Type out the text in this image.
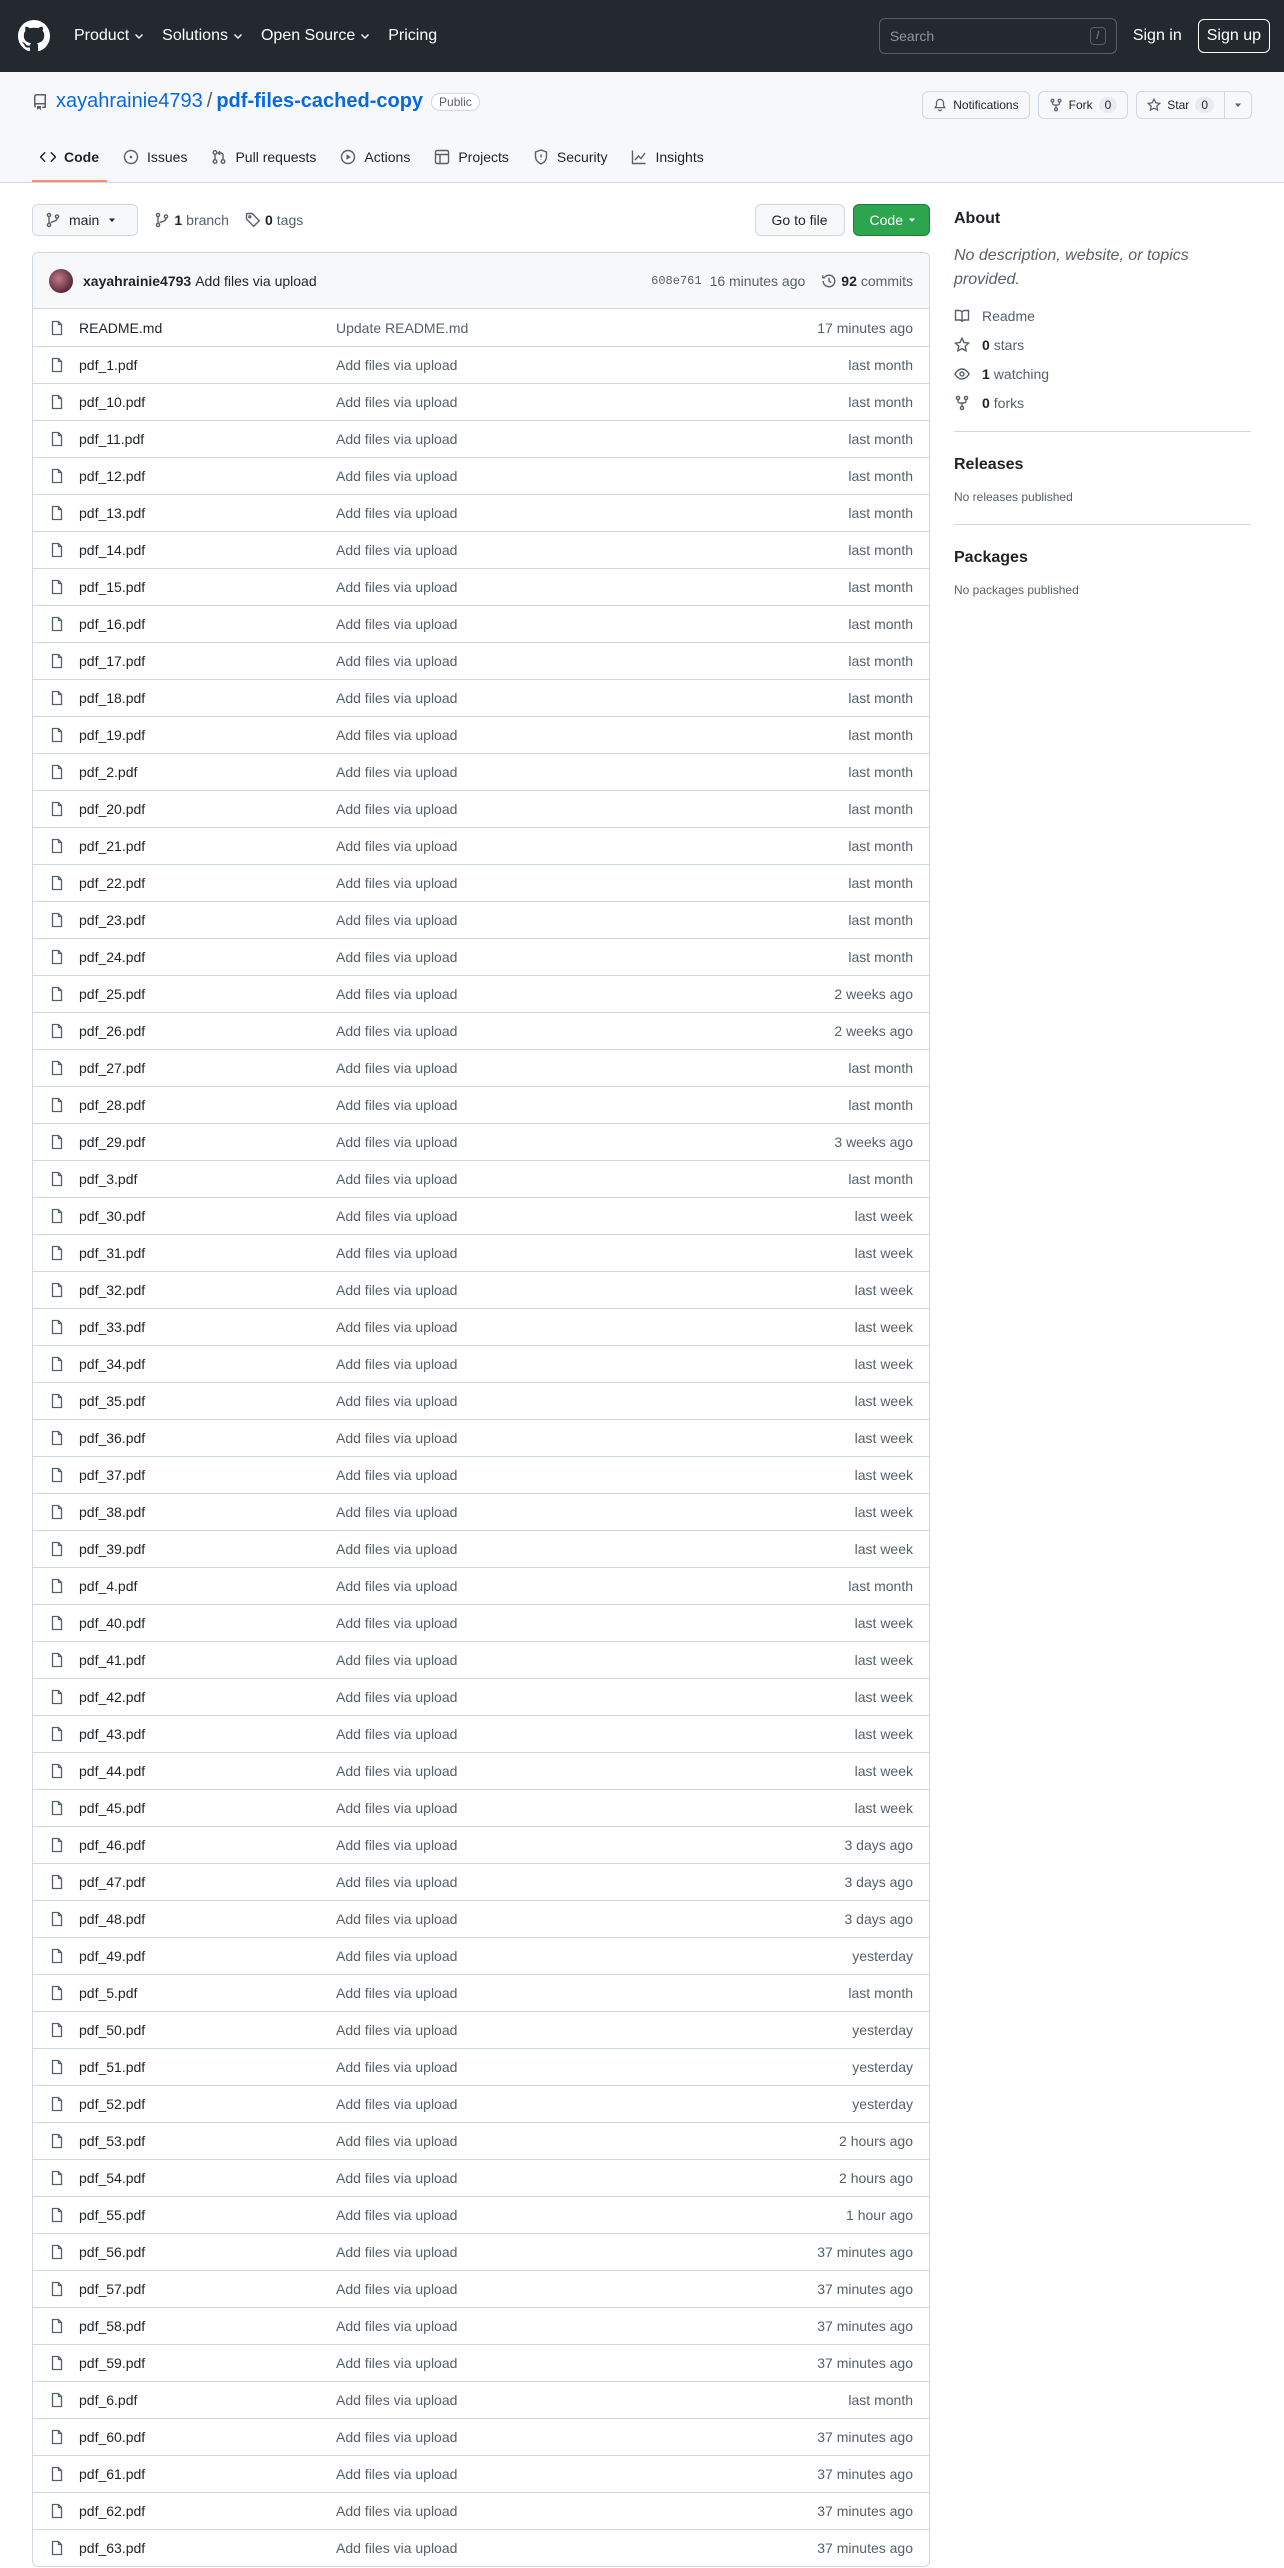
Product Solutions Open Source Pricing	Search	/	Sign in	Sign up
xayahrainie4793 / pdf-files-cached-copy	Public
Code	Issues	Pull requests	Actions	Projects	Security	Insights
Notifications	Fork	0	Star	0
main	1 branch	0 tags	Go to file	Code
xayahrainie4793 Add files via upload	608e761 16 minutes ago	92 commits
README.md	Update README.md	17 minutes ago
pdf_1.pdf	Add files via upload	last month
pdf_10.pdf	Add files via upload	last month
pdf_11.pdf	Add files via upload	last month
pdf_12.pdf	Add files via upload	last month
pdf_13.pdf	Add files via upload	last month
pdf_14.pdf	Add files via upload	last month
pdf_15.pdf	Add files via upload	last month
pdf_16.pdf	Add files via upload	last month
pdf_17.pdf	Add files via upload	last month
pdf_18.pdf	Add files via upload	last month
pdf_19.pdf	Add files via upload	last month
pdf_2.pdf	Add files via upload	last month
pdf_20.pdf	Add files via upload	last month
pdf_21.pdf	Add files via upload	last month
pdf_22.pdf	Add files via upload	last month
pdf_23.pdf	Add files via upload	last month
pdf_24.pdf	Add files via upload	last month
pdf_25.pdf	Add files via upload	2 weeks ago
pdf_26.pdf	Add files via upload	2 weeks ago
pdf_27.pdf	Add files via upload	last month
pdf_28.pdf	Add files via upload	last month
pdf_29.pdf	Add files via upload	3 weeks ago
pdf_3.pdf	Add files via upload	last month
pdf_30.pdf	Add files via upload	last week
pdf_31.pdf	Add files via upload	last week
pdf_32.pdf	Add files via upload	last week
pdf_33.pdf	Add files via upload	last week
pdf_34.pdf	Add files via upload	last week
pdf_35.pdf	Add files via upload	last week
pdf_36.pdf	Add files via upload	last week
pdf_37.pdf	Add files via upload	last week
pdf_38.pdf	Add files via upload	last week
pdf_39.pdf	Add files via upload	last week
pdf_4.pdf	Add files via upload	last month
pdf_40.pdf	Add files via upload	last week
pdf_41.pdf	Add files via upload	last week
pdf_42.pdf	Add files via upload	last week
pdf_43.pdf	Add files via upload	last week
pdf_44.pdf	Add files via upload	last week
pdf_45.pdf	Add files via upload	last week
pdf_46.pdf	Add files via upload	3 days ago
pdf_47.pdf	Add files via upload	3 days ago
pdf_48.pdf	Add files via upload	3 days ago
pdf_49.pdf	Add files via upload	yesterday
pdf_5.pdf	Add files via upload	last month
pdf_50.pdf	Add files via upload	yesterday
pdf_51.pdf	Add files via upload	yesterday
pdf_52.pdf	Add files via upload	yesterday
pdf_53.pdf	Add files via upload	2 hours ago
pdf_54.pdf	Add files via upload	2 hours ago
pdf_55.pdf	Add files via upload	1 hour ago
pdf_56.pdf	Add files via upload	37 minutes ago
pdf_57.pdf	Add files via upload	37 minutes ago
pdf_58.pdf	Add files via upload	37 minutes ago
pdf_59.pdf	Add files via upload	37 minutes ago
pdf_6.pdf	Add files via upload	last month
pdf_60.pdf	Add files via upload	37 minutes ago
pdf_61.pdf	Add files via upload	37 minutes ago
pdf_62.pdf	Add files via upload	37 minutes ago
pdf_63.pdf	Add files via upload	37 minutes ago
About
No description, website, or topics provided.
Readme
0 stars
1 watching
0 forks
Releases
No releases published
Packages
No packages published
